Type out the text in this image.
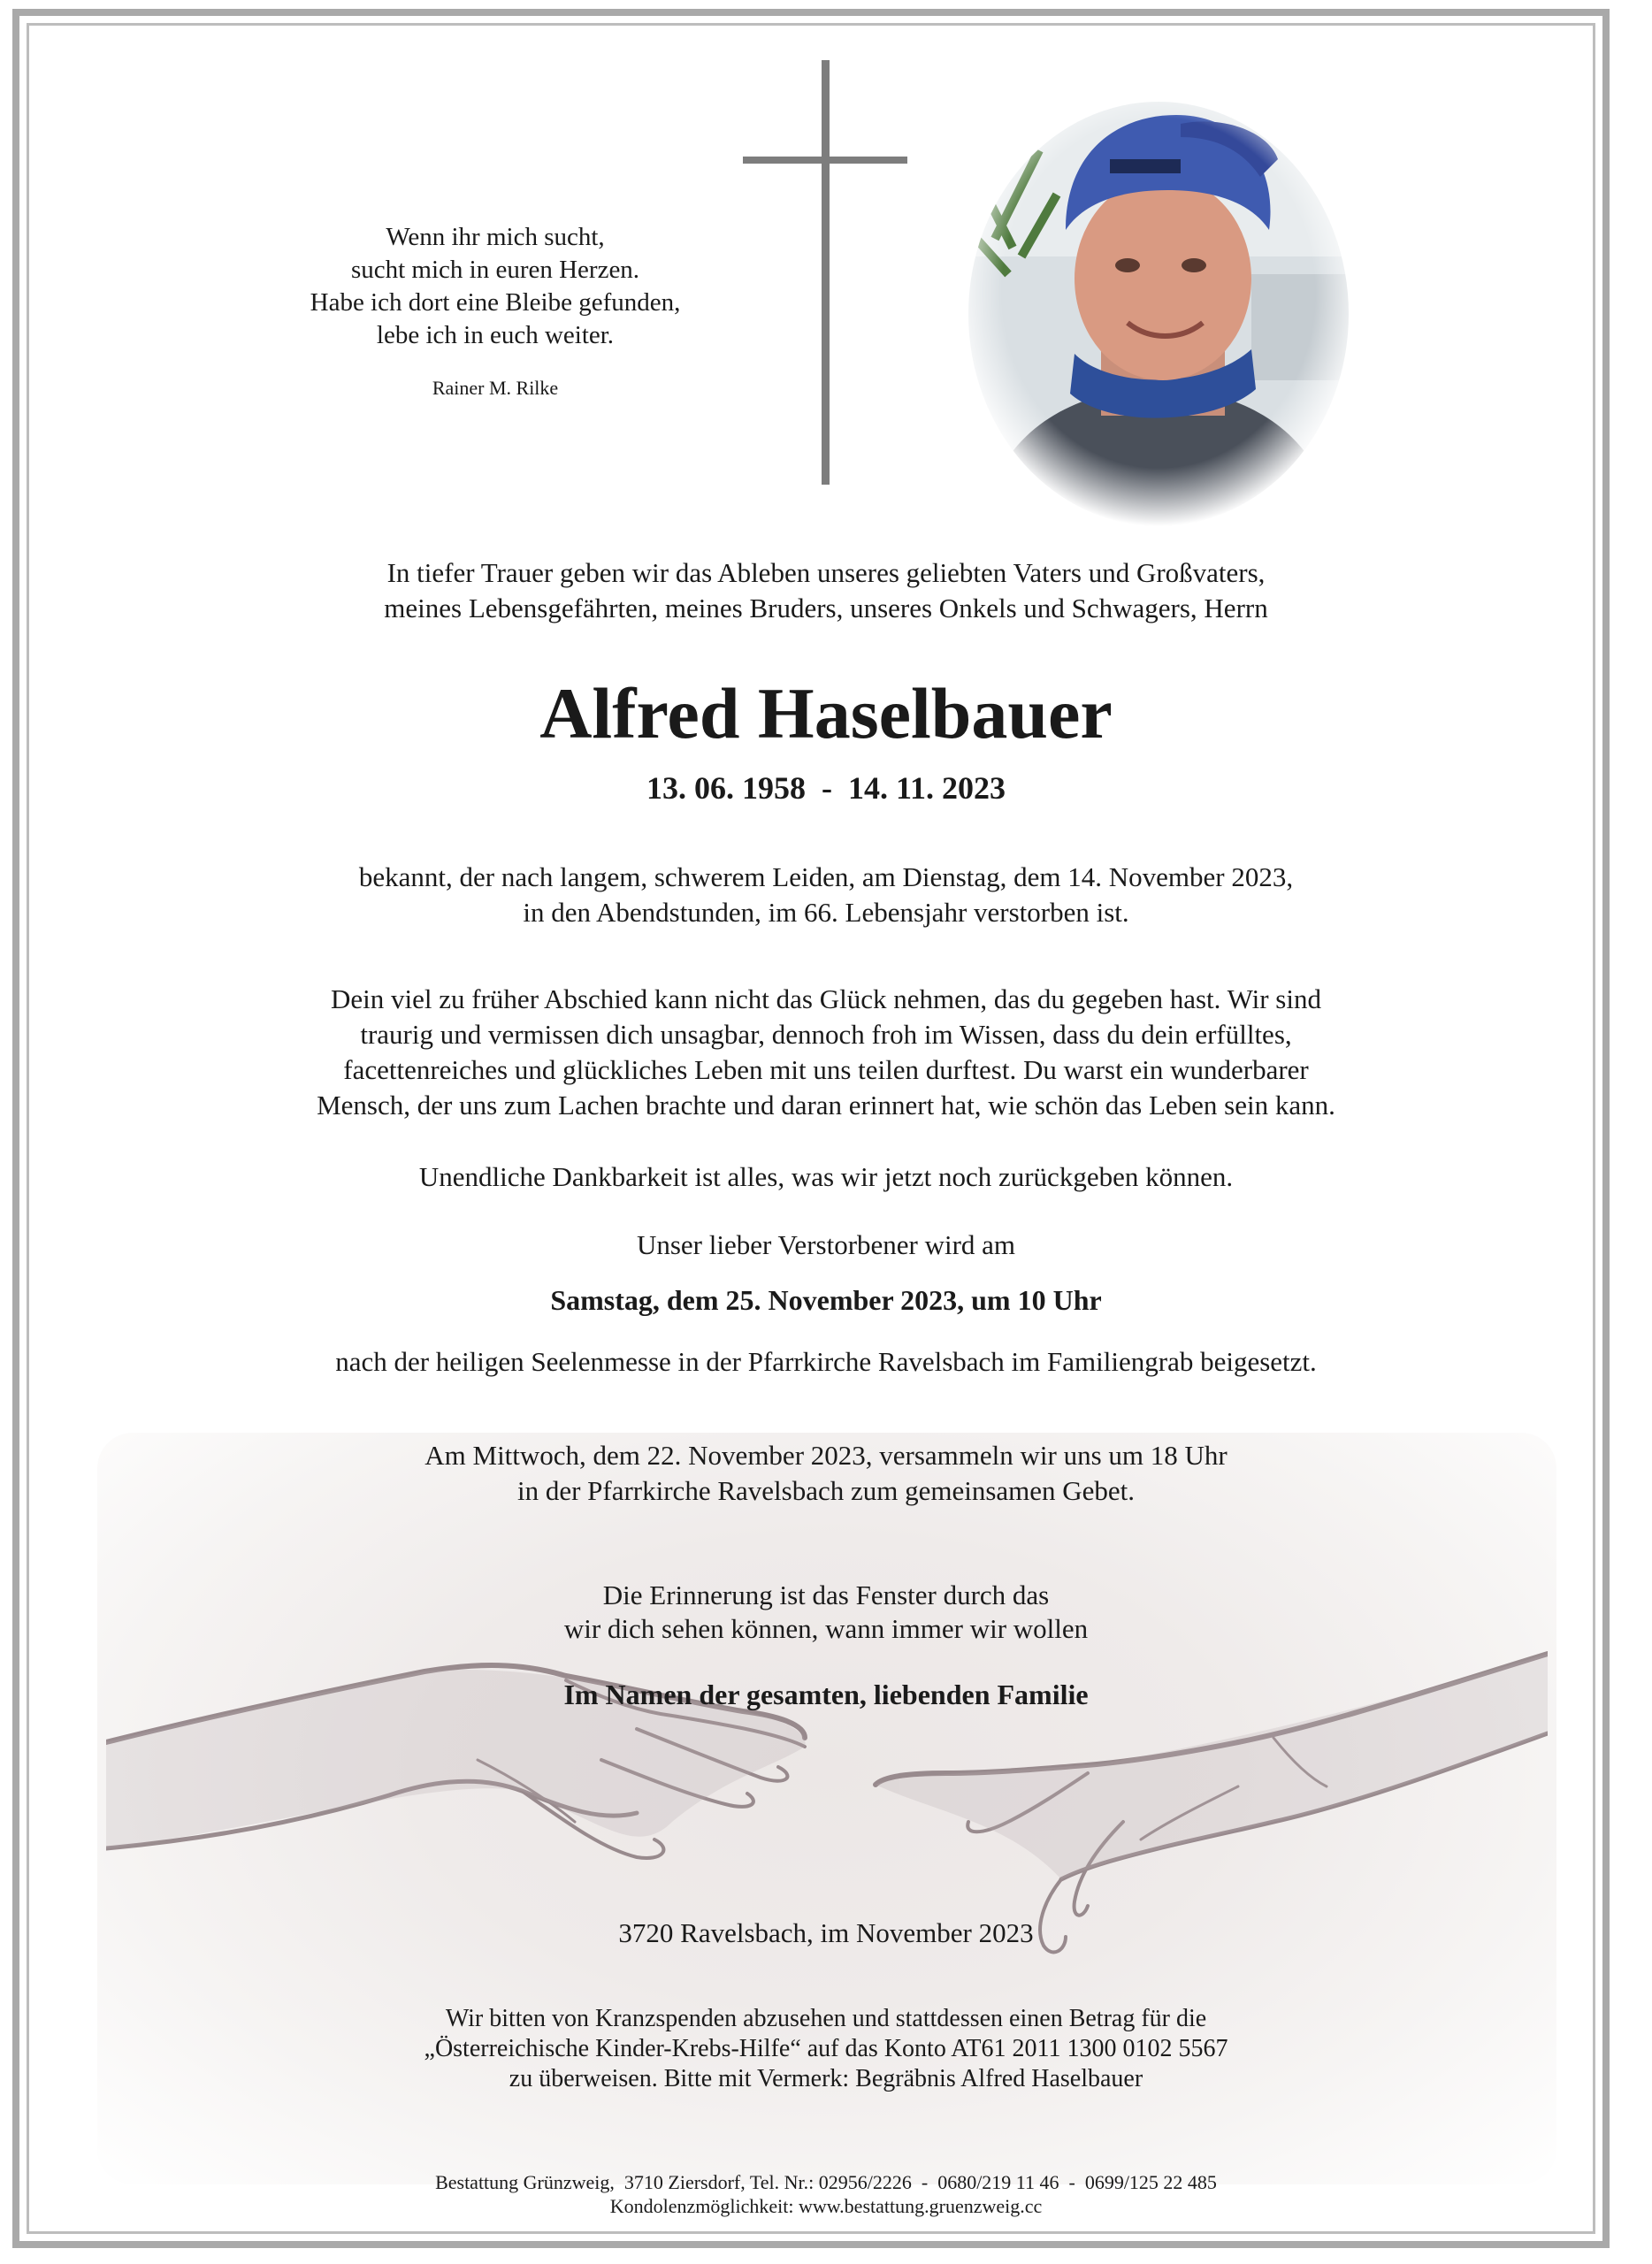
Wenn ihr mich sucht,
sucht mich in euren Herzen.
Habe ich dort eine Bleibe gefunden,
lebe ich in euch weiter.
Rainer M. Rilke
In tiefer Trauer geben wir das Ableben unseres geliebten Vaters und Großvaters,
meines Lebensgefährten, meines Bruders, unseres Onkels und Schwagers, Herrn
Alfred Haselbauer
13. 06. 1958  -  14. 11. 2023
bekannt, der nach langem, schwerem Leiden, am Dienstag, dem 14. November 2023,
in den Abendstunden, im 66. Lebensjahr verstorben ist.
Dein viel zu früher Abschied kann nicht das Glück nehmen, das du gegeben hast. Wir sind
traurig und vermissen dich unsagbar, dennoch froh im Wissen, dass du dein erfülltes,
facettenreiches und glückliches Leben mit uns teilen durftest. Du warst ein wunderbarer
Mensch, der uns zum Lachen brachte und daran erinnert hat, wie schön das Leben sein kann.
Unendliche Dankbarkeit ist alles, was wir jetzt noch zurückgeben können.
Unser lieber Verstorbener wird am
Samstag, dem 25. November 2023, um 10 Uhr
nach der heiligen Seelenmesse in der Pfarrkirche Ravelsbach im Familiengrab beigesetzt.
Am Mittwoch, dem 22. November 2023, versammeln wir uns um 18 Uhr
in der Pfarrkirche Ravelsbach zum gemeinsamen Gebet.
Die Erinnerung ist das Fenster durch das
wir dich sehen können, wann immer wir wollen
Im Namen der gesamten, liebenden Familie
3720 Ravelsbach, im November 2023
Wir bitten von Kranzspenden abzusehen und stattdessen einen Betrag für die
„Österreichische Kinder-Krebs-Hilfe“ auf das Konto AT61 2011 1300 0102 5567
zu überweisen. Bitte mit Vermerk: Begräbnis Alfred Haselbauer
Bestattung Grünzweig,  3710 Ziersdorf, Tel. Nr.: 02956/2226  -  0680/219 11 46  -  0699/125 22 485
Kondolenzmöglichkeit: www.bestattung.gruenzweig.cc
